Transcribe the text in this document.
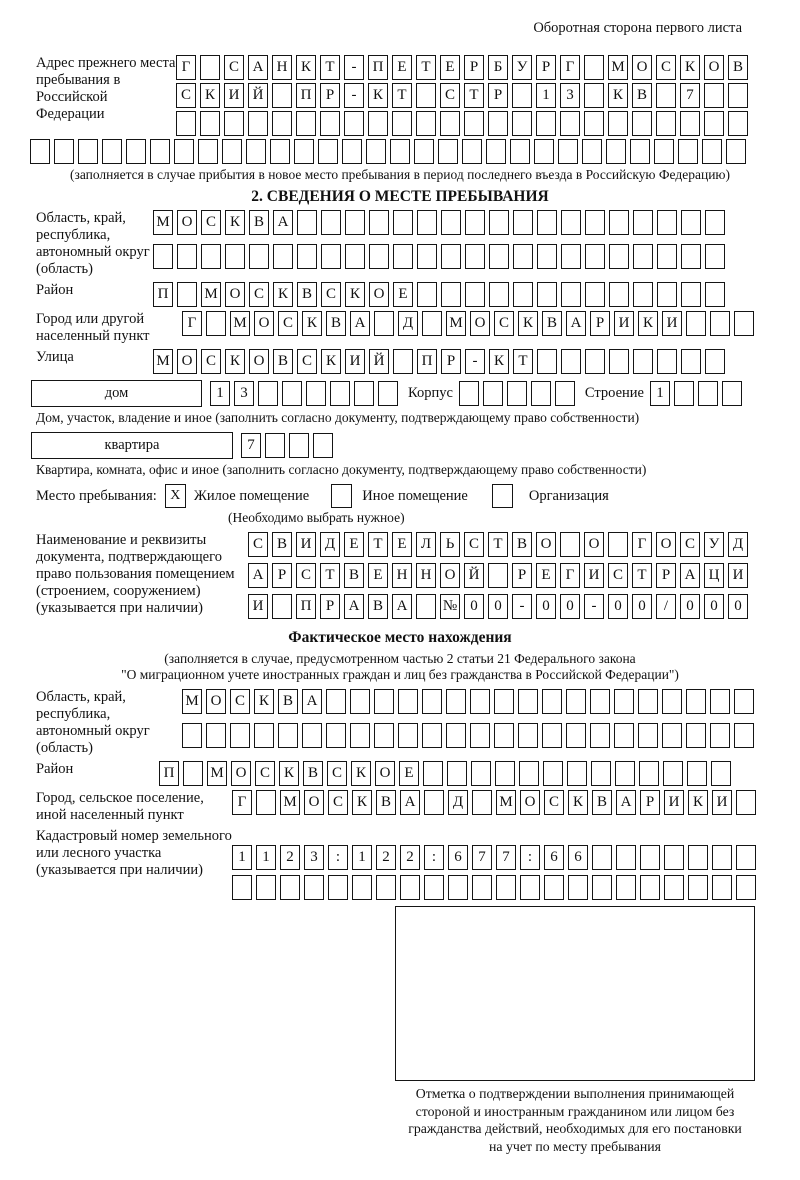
Оборотная сторона первого листа
Адрес прежнего места пребывания в Российской Федерации
Г	С А Н К Т	-	П Е Т Е	Р	Б У Р	Г	М О С К О В
С К И Й	П Р	-	К Т	С Т	Р	1	3	К В	7
(заполняется в случае прибытия в новое место пребывания в период последнего въезда в Российскую Федерацию)
2. СВЕДЕНИЯ О МЕСТЕ ПРЕБЫВАНИЯ
Область, край, республика, автономный округ (область)
М О С К В А
Район	П	М О С К В С К О Е
Город или другой населенный пункт
Г	М О С К В А	Д	М О С К В А Р И К И
Улица	М О С К О В С К И Й	П Р	-	К Т
дом	1	3	Корпус	Строение 1
Дом, участок, владение и иное (заполнить согласно документу, подтверждающему право собственности)
квартира	7
Квартира, комната, офис и иное (заполнить согласно документу, подтверждающему право собственности)
Место пребывания: X Жилое помещение	Иное помещение	Организация
(Необходимо выбрать нужное)
Наименование и реквизиты документа, подтверждающего право пользования помещением (строением, сооружением) (указывается при наличии)
С В И Д Е Т Е Л Ь С Т В О	О	Г О С У Д
А Р С Т В Е Н Н О Й	Р	Е	Г И С Т	Р А Ц И
И	П Р А В А	№ 0	0	-	0	0	-	0	0	/	0	0	0
Фактическое место нахождения
(заполняется в случае, предусмотренном частью 2 статьи 21 Федерального закона
"О миграционном учете иностранных граждан и лиц без гражданства в Российской Федерации")
Область, край, республика, автономный округ (область)
М О С К В А
Район	П	М О С К В С К О Е
Город, сельское поселение, иной населенный пункт
Г	М О С К В А	Д	М О С К В А Р И К И
Кадастровый номер земельного или лесного участка (указывается при наличии)
1	1	2	3	:	1	2	2	:	6	7	7	:	6	6
Отметка о подтверждении выполнения принимающей
стороной и иностранным гражданином или лицом без
гражданства действий, необходимых для его постановки
на учет по месту пребывания
